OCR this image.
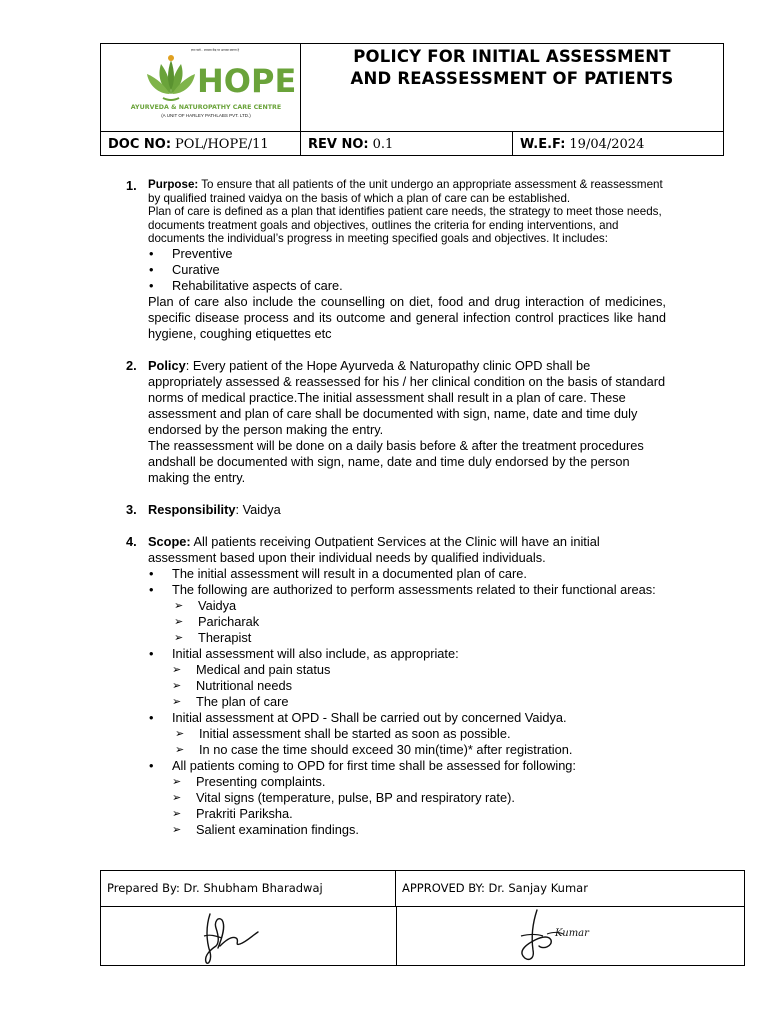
ज्ञान फ्लो... स्वास्थ्य केंद्र पर आपका स्वागत है
HOPE
AYURVEDA & NATUROPATHY CARE CENTRE
(A UNIT OF HARLEY PATHLABS PVT. LTD.)
POLICY FOR INITIAL ASSESSMENT
AND REASSESSMENT OF PATIENTS
DOC NO: POL/HOPE/11	REV NO: 0.1	W.E.F: 19/04/2024
1. Purpose: To ensure that all patients of the unit undergo an appropriate assessment & reassessment by qualified trained vaidya on the basis of which a plan of care can be established.

Plan of care is defined as a plan that identifies patient care needs, the strategy to meet those needs, documents treatment goals and objectives, outlines the criteria for ending interventions, and documents the individual’s progress in meeting specified goals and objectives. It includes:

• Preventive
• Curative
• Rehabilitative aspects of care.

Plan of care also include the counselling on diet, food and drug interaction of medicines, specific disease process and its outcome and general infection control practices like hand hygiene, coughing etiquettes etc

2. Policy: Every patient of the Hope Ayurveda & Naturopathy clinic OPD shall be appropriately assessed & reassessed for his / her clinical condition on the basis of standard norms of medical practice.The initial assessment shall result in a plan of care. These assessment and plan of care shall be documented with sign, name, date and time duly endorsed by the person making the entry.

The reassessment will be done on a daily basis before & after the treatment procedures andshall be documented with sign, name, date and time duly endorsed by the person making the entry.

3. Responsibility: Vaidya

4. Scope: All patients receiving Outpatient Services at the Clinic will have an initial assessment based upon their individual needs by qualified individuals.

• The initial assessment will result in a documented plan of care.
• The following are authorized to perform assessments related to their functional areas:
➢ Vaidya
➢ Paricharak
➢ Therapist
• Initial assessment will also include, as appropriate:
➢ Medical and pain status
➢ Nutritional needs
➢ The plan of care
• Initial assessment at OPD - Shall be carried out by concerned Vaidya.
➢ Initial assessment shall be started as soon as possible.
➢ In no case the time should exceed 30 min(time)* after registration.
• All patients coming to OPD for first time shall be assessed for following:
➢ Presenting complaints.
➢ Vital signs (temperature, pulse, BP and respiratory rate).
➢ Prakriti Pariksha.
➢ Salient examination findings.
Prepared By: Dr. Shubham Bharadwaj	APPROVED BY: Dr. Sanjay Kumar
Kumar
